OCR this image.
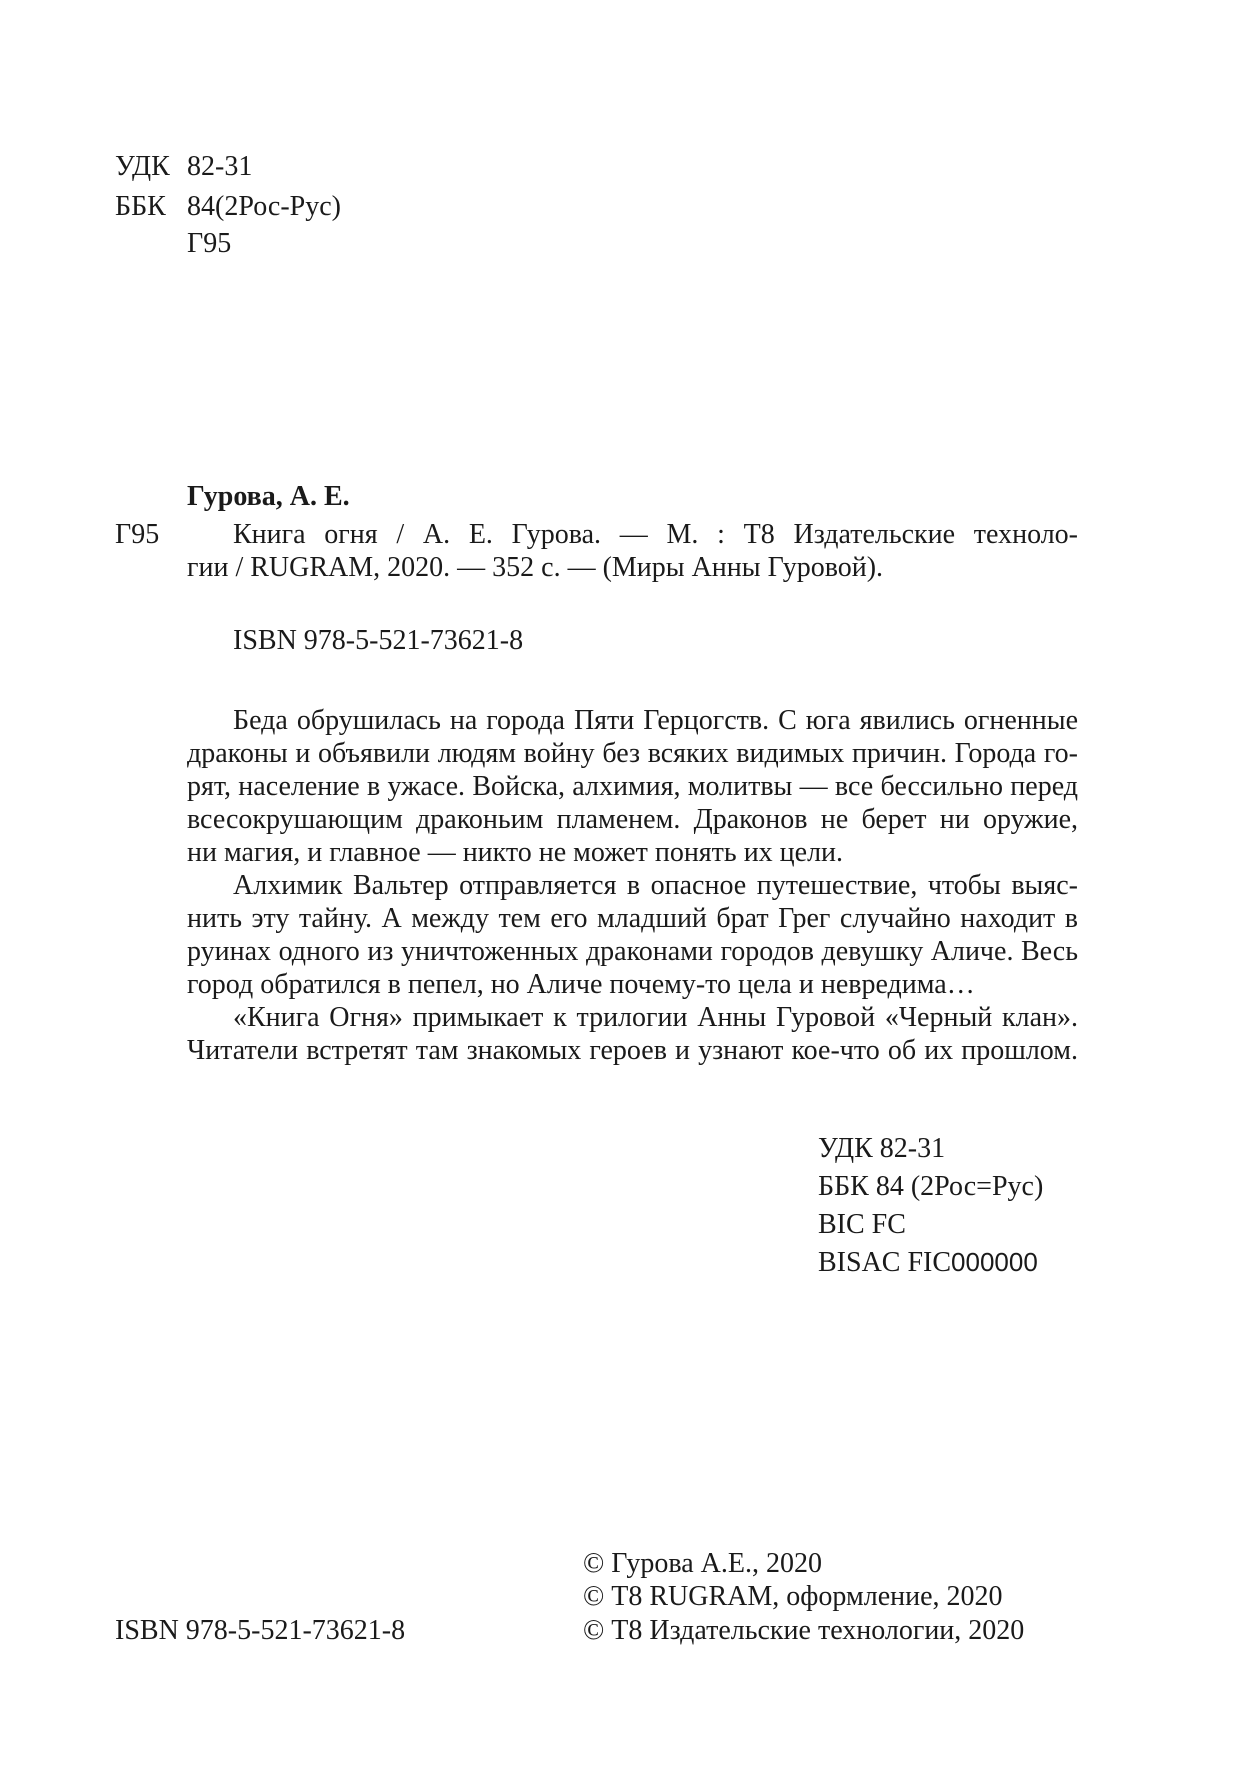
УДК 82-31
ББК 84(2Рос-Рус)
Г95
Гурова, А. Е.
Г95	Книга огня / А. Е. Гурова. — М. : Т8 Издательские техноло-
гии / RUGRAM, 2020. — 352 с. — (Миры Анны Гуровой).
ISBN 978-5-521-73621-8
Беда обрушилась на города Пяти Герцогств. С юга явились огненные
драконы и объявили людям войну без всяких видимых причин. Города го-
рят, население в ужасе. Войска, алхимия, молитвы — все бессильно перед
всесокрушающим драконьим пламенем. Драконов не берет ни оружие,
ни магия, и главное — никто не может понять их цели.
Алхимик Вальтер отправляется в опасное путешествие, чтобы выяс-
нить эту тайну. А между тем его младший брат Грег случайно находит в
руинах одного из уничтоженных драконами городов девушку Аличе. Весь
город обратился в пепел, но Аличе почему-то цела и невредима…
«Книга Огня» примыкает к трилогии Анны Гуровой «Черный клан».
Читатели встретят там знакомых героев и узнают кое-что об их прошлом.
УДК 82-31
ББК 84 (2Рос=Рус)
BIC FC
BISAC FIC000000
© Гурова А.Е., 2020
© Т8 RUGRAM, оформление, 2020
ISBN 978-5-521-73621-8	© Т8 Издательские технологии, 2020
